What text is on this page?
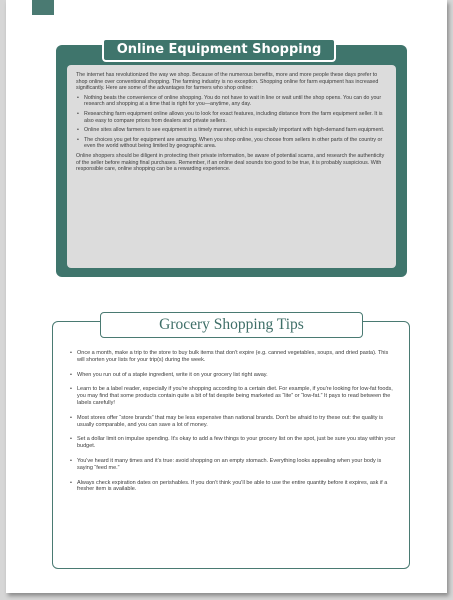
The internet has revolutionized the way we shop. Because of the numerous benefits, more and more people these days prefer to shop online over conventional shopping. The farming industry is no exception. Shopping online for farm equipment has increased significantly. Here are some of the advantages for farmers who shop online:

• Nothing beats the convenience of online shopping. You do not have to wait in line or wait until the shop opens. You can do your research and shopping at a time that is right for you—anytime, any day.
• Researching farm equipment online allows you to look for exact features, including distance from the farm equipment seller. It is also easy to compare prices from dealers and private sellers.
• Online sites allow farmers to see equipment in a timely manner, which is especially important with high-demand farm equipment.
• The choices you get for equipment are amazing. When you shop online, you choose from sellers in other parts of the country or even the world without being limited by geographic area.

Online shoppers should be diligent in protecting their private information, be aware of potential scams, and research the authenticity of the seller before making final purchases. Remember, if an online deal sounds too good to be true, it is probably suspicious. With responsible care, online shopping can be a rewarding experience.

Online Equipment Shopping
Grocery Shopping Tips
• Once a month, make a trip to the store to buy bulk items that don't expire (e.g. canned vegetables, soups, and dried pasta). This will shorten your lists for your trip(s) during the week.
• When you run out of a staple ingredient, write it on your grocery list right away.
• Learn to be a label reader, especially if you're shopping according to a certain diet. For example, if you're looking for low-fat foods, you may find that some products contain quite a bit of fat despite being marketed as “lite” or “low-fat.” It pays to read between the labels carefully!
• Most stores offer “store brands” that may be less expensive than national brands. Don't be afraid to try these out: the quality is usually comparable, and you can save a lot of money.
• Set a dollar limit on impulse spending. It's okay to add a few things to your grocery list on the spot, just be sure you stay within your budget.
• You've heard it many times and it's true: avoid shopping on an empty stomach. Everything looks appealing when your body is saying “feed me.”
• Always check expiration dates on perishables. If you don't think you'll be able to use the entire quantity before it expires, ask if a fresher item is available.
